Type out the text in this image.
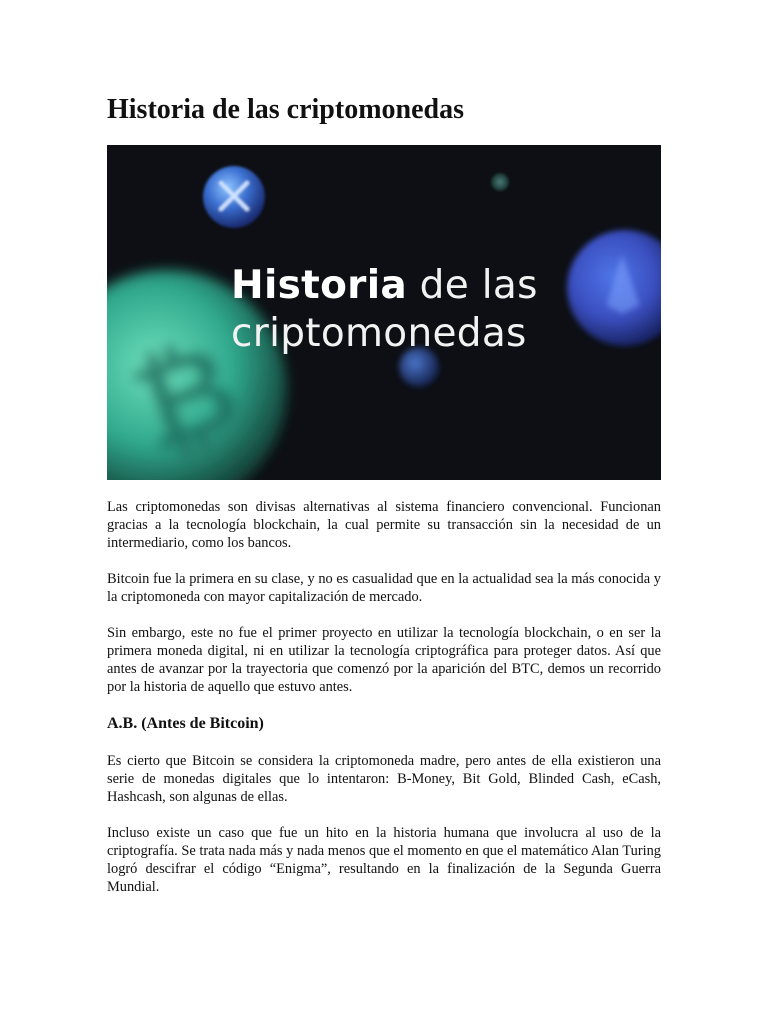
Historia de las criptomonedas
₿
Historia de las
criptomonedas

Las criptomonedas son divisas alternativas al sistema financiero convencional. Funcionan gracias a la tecnología blockchain, la cual permite su transacción sin la necesidad de un intermediario, como los bancos.

Bitcoin fue la primera en su clase, y no es casualidad que en la actualidad sea la más conocida y la criptomoneda con mayor capitalización de mercado.

Sin embargo, este no fue el primer proyecto en utilizar la tecnología blockchain, o en ser la primera moneda digital, ni en utilizar la tecnología criptográfica para proteger datos. Así que antes de avanzar por la trayectoria que comenzó por la aparición del BTC, demos un recorrido por la historia de aquello que estuvo antes.

A.B. (Antes de Bitcoin)

Es cierto que Bitcoin se considera la criptomoneda madre, pero antes de ella existieron una serie de monedas digitales que lo intentaron: B-Money, Bit Gold, Blinded Cash, eCash, Hashcash, son algunas de ellas.

Incluso existe un caso que fue un hito en la historia humana que involucra al uso de la criptografía. Se trata nada más y nada menos que el momento en que el matemático Alan Turing logró descifrar el código “Enigma”, resultando en la finalización de la Segunda Guerra Mundial.
